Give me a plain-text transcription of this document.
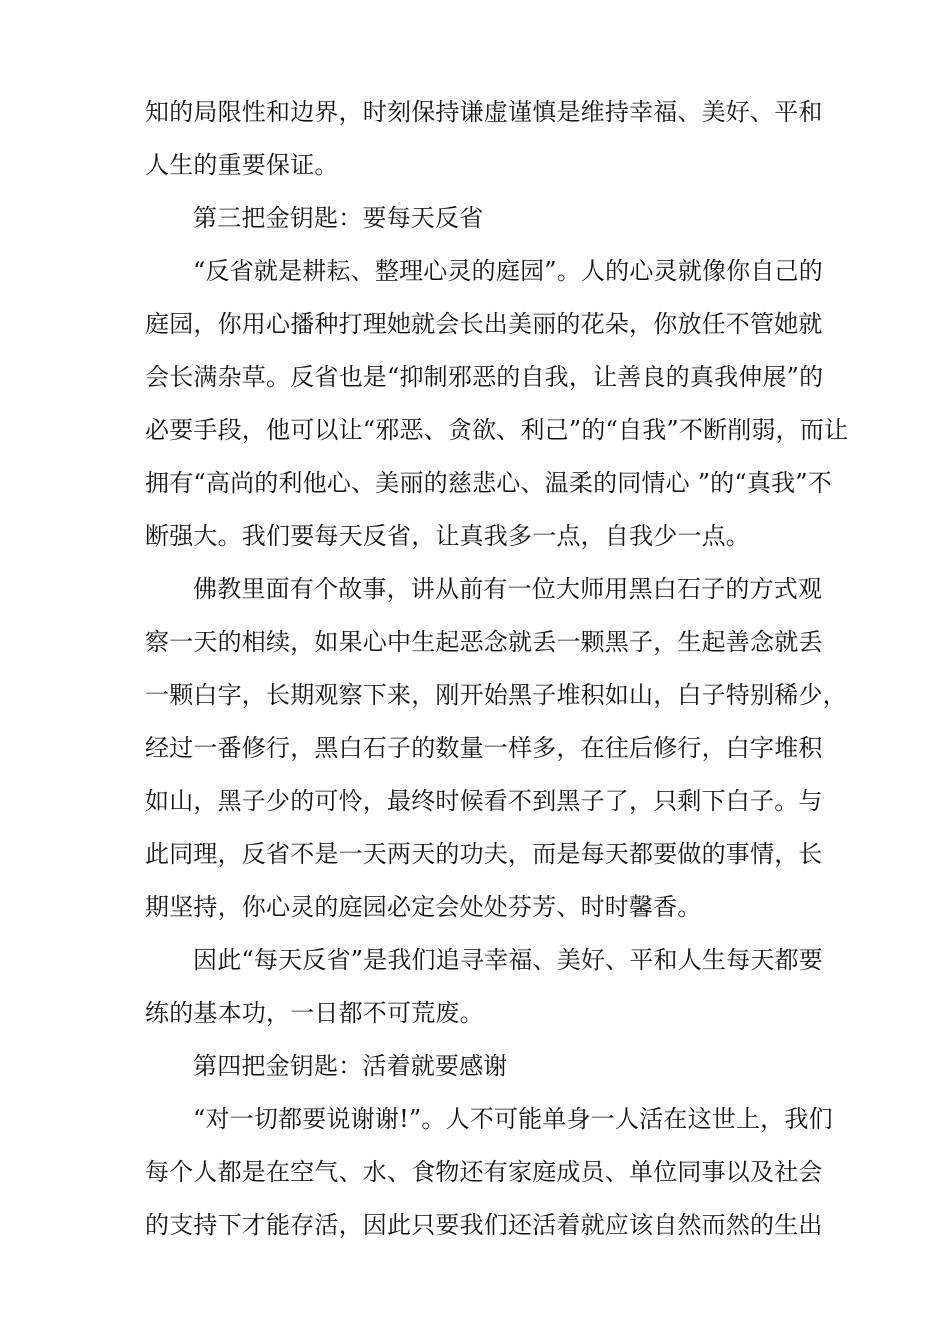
知的局限性和边界，时刻保持谦虚谨慎是维持幸福、美好、平和
人生的重要保证。
第三把金钥匙：要每天反省
“反省就是耕耘、整理心灵的庭园”。人的心灵就像你自己的
庭园，你用心播种打理她就会长出美丽的花朵，你放任不管她就
会长满杂草。反省也是“抑制邪恶的自我，让善良的真我伸展”的
必要手段，他可以让“邪恶、贪欲、利己”的“自我”不断削弱，而让
拥有“高尚的利他心、美丽的慈悲心、温柔的同情心 ”的“真我”不
断强大。我们要每天反省，让真我多一点，自我少一点。
佛教里面有个故事，讲从前有一位大师用黑白石子的方式观
察一天的相续，如果心中生起恶念就丢一颗黑子，生起善念就丢
一颗白字，长期观察下来，刚开始黑子堆积如山，白子特别稀少，
经过一番修行，黑白石子的数量一样多，在往后修行，白字堆积
如山，黑子少的可怜，最终时候看不到黑子了，只剩下白子。与
此同理，反省不是一天两天的功夫，而是每天都要做的事情，长
期坚持，你心灵的庭园必定会处处芬芳、时时馨香。
因此“每天反省”是我们追寻幸福、美好、平和人生每天都要
练的基本功，一日都不可荒废。
第四把金钥匙：活着就要感谢
“对一切都要说谢谢!”。人不可能单身一人活在这世上，我们
每个人都是在空气、水、食物还有家庭成员、单位同事以及社会
的支持下才能存活，因此只要我们还活着就应该自然而然的生出
